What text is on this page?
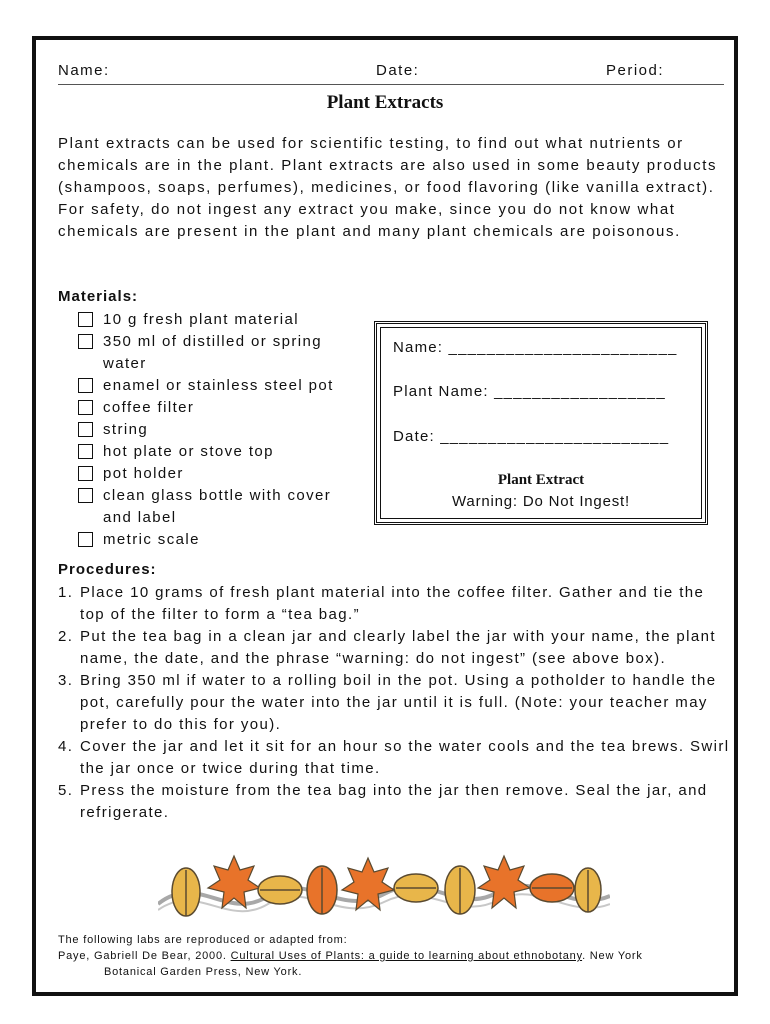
Name:	Date:	Period:
Plant Extracts

Plant extracts can be used for scientific testing, to find out what nutrients or chemicals are in the plant. Plant extracts are also used in some beauty products (shampoos, soaps, perfumes), medicines, or food flavoring (like vanilla extract). For safety, do not ingest any extract you make, since you do not know what chemicals are present in the plant and many plant chemicals are poisonous.

Materials:
10 g fresh plant material
350 ml of distilled or spring water
enamel or stainless steel pot
coffee filter
string
hot plate or stove top
pot holder
clean glass bottle with cover and label
metric scale
Name: ________________________
Plant Name: __________________
Date: ________________________
Plant Extract
Warning: Do Not Ingest!
Procedures:
1. Place 10 grams of fresh plant material into the coffee filter. Gather and tie the top of the filter to form a “tea bag.”
2. Put the tea bag in a clean jar and clearly label the jar with your name, the plant name, the date, and the phrase “warning: do not ingest” (see above box).
3. Bring 350 ml if water to a rolling boil in the pot. Using a potholder to handle the pot, carefully pour the water into the jar until it is full. (Note: your teacher may prefer to do this for you).
4. Cover the jar and let it sit for an hour so the water cools and the tea brews. Swirl the jar once or twice during that time.
5. Press the moisture from the tea bag into the jar then remove. Seal the jar, and refrigerate.
The following labs are reproduced or adapted from:
Paye, Gabriell De Bear, 2000. Cultural Uses of Plants: a guide to learning about ethnobotany. New York
Botanical Garden Press, New York.
